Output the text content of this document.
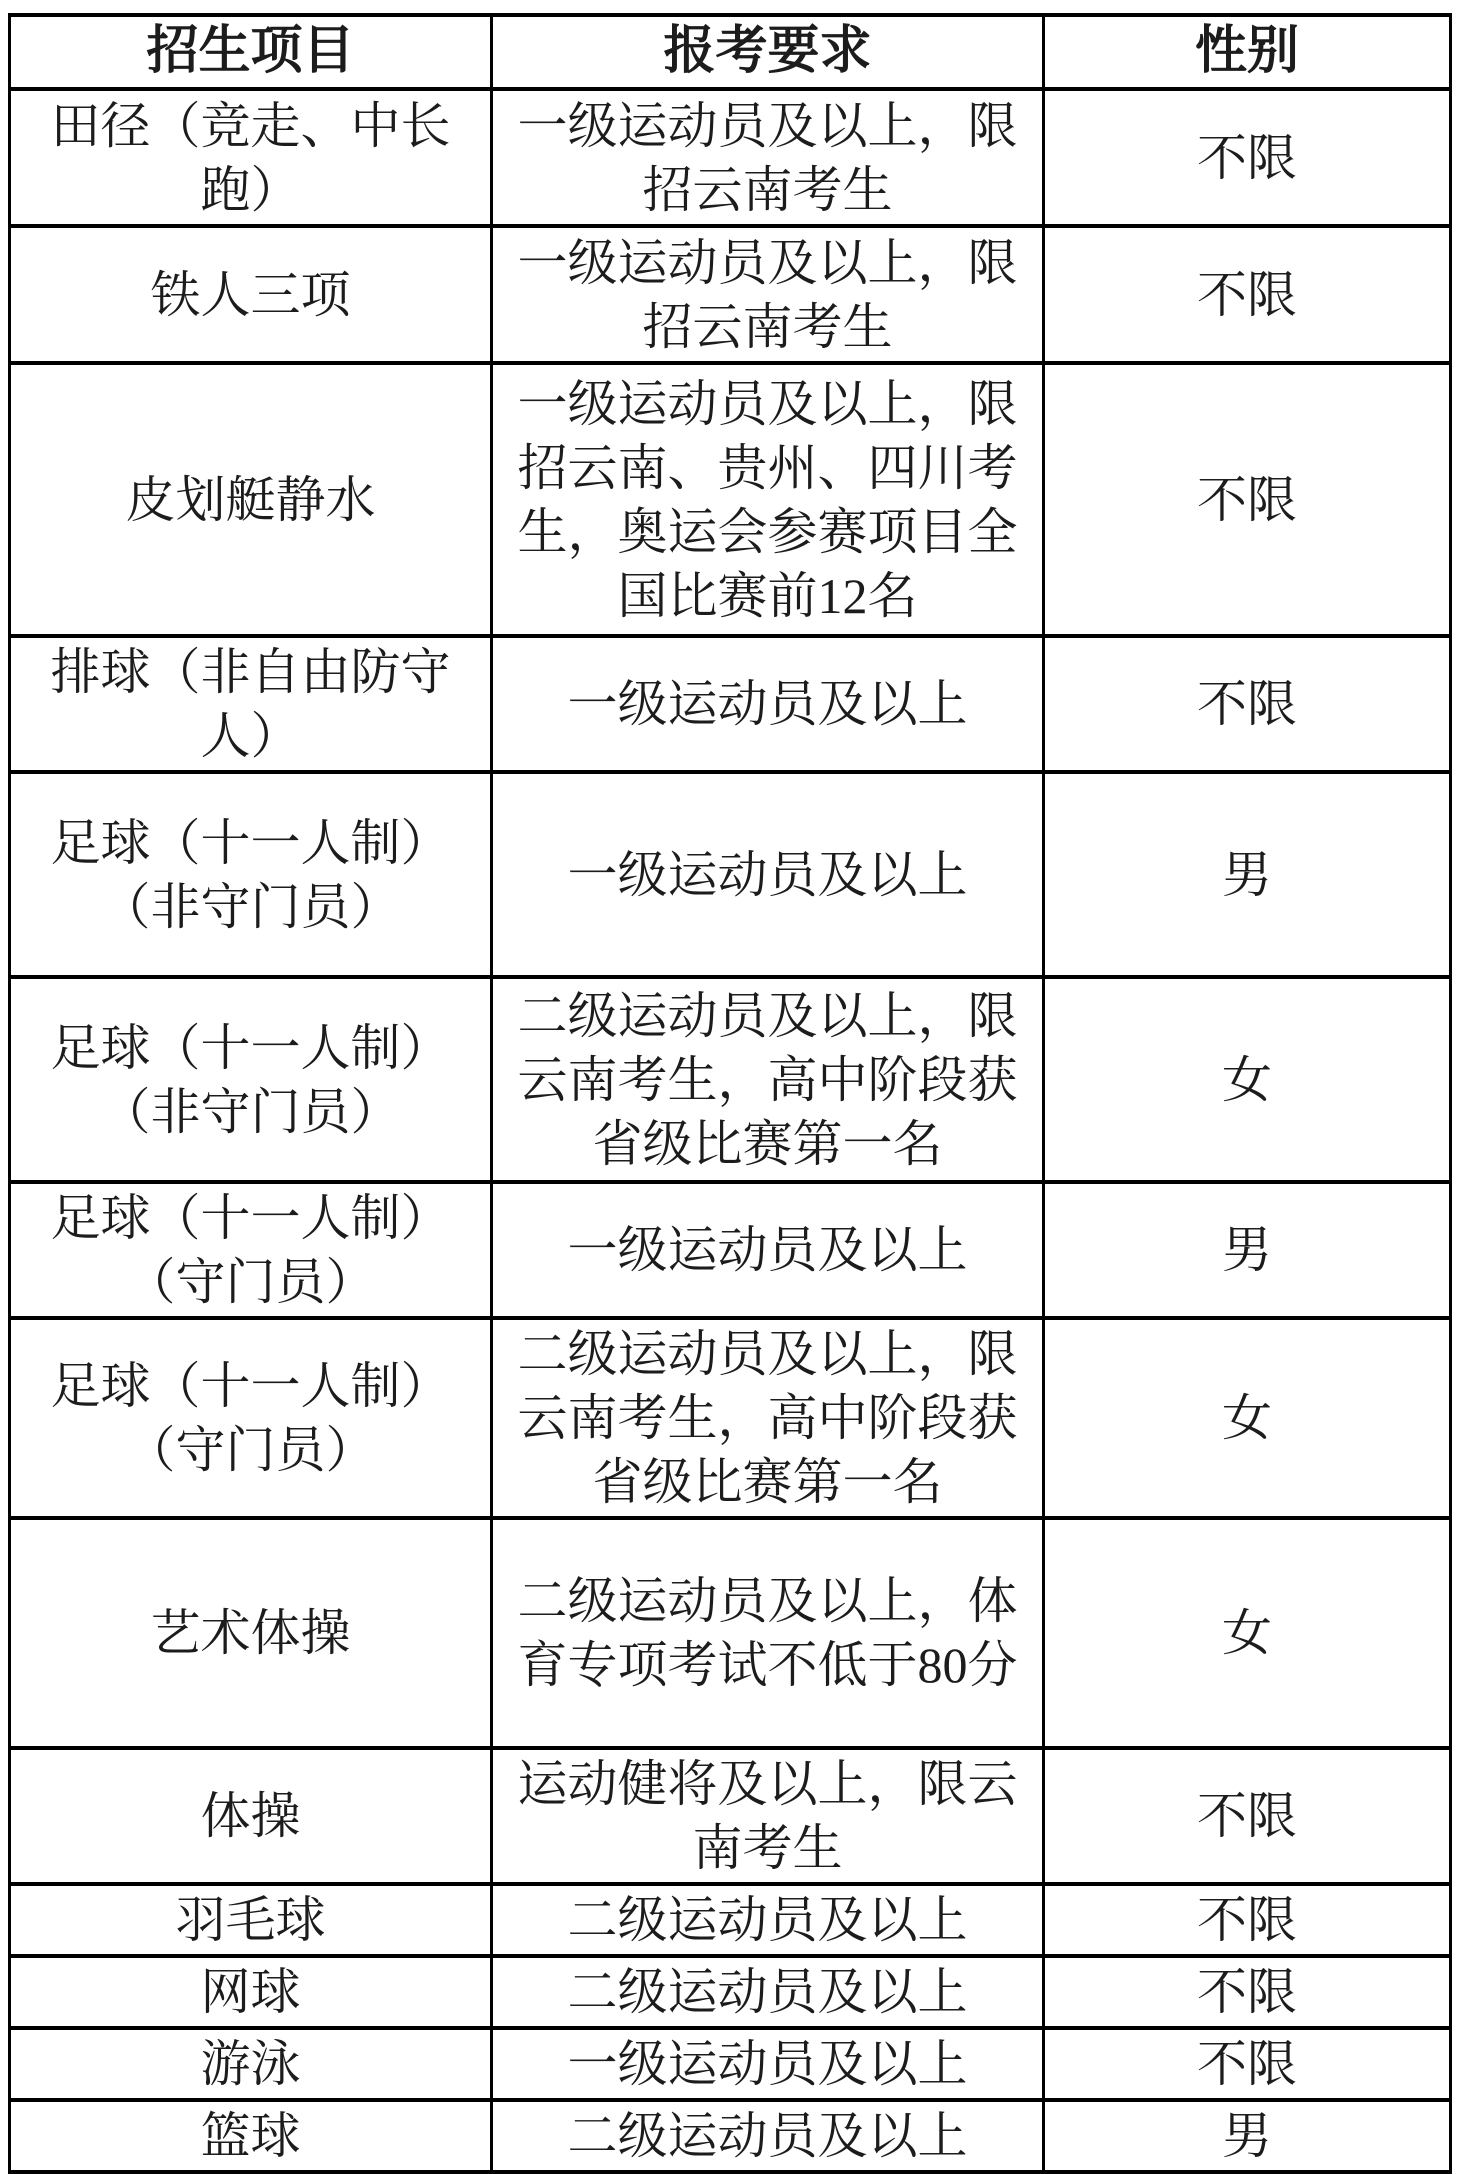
招生项目	报考要求	性别
田径（竞走、中长跑）	一级运动员及以上，限招云南考生	不限
铁人三项	一级运动员及以上，限招云南考生	不限
皮划艇静水	一级运动员及以上，限招云南、贵州、四川考生，奥运会参赛项目全国比赛前12名	不限
排球（非自由防守人）	一级运动员及以上	不限
足球（十一人制）（非守门员）	一级运动员及以上	男
足球（十一人制）（非守门员）	二级运动员及以上，限云南考生，高中阶段获省级比赛第一名	女
足球（十一人制）（守门员）	一级运动员及以上	男
足球（十一人制）（守门员）	二级运动员及以上，限云南考生，高中阶段获省级比赛第一名	女
艺术体操	二级运动员及以上，体育专项考试不低于80分	女
体操	运动健将及以上，限云南考生	不限
羽毛球	二级运动员及以上	不限
网球	二级运动员及以上	不限
游泳	一级运动员及以上	不限
篮球	二级运动员及以上	男
